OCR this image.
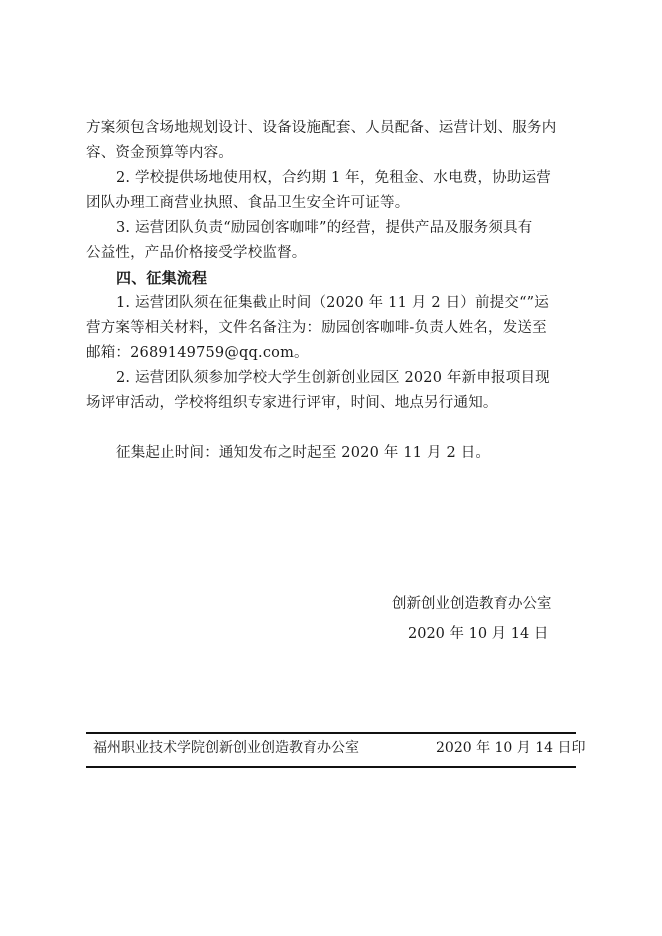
方案须包含场地规划设计、设备设施配套、人员配备、运营计划、服务内
容、资金预算等内容。
2. 学校提供场地使用权，合约期 1 年，免租金、水电费，协助运营
团队办理工商营业执照、食品卫生安全许可证等。
3. 运营团队负责“励园创客咖啡”的经营，提供产品及服务须具有
公益性，产品价格接受学校监督。
四、征集流程
1. 运营团队须在征集截止时间（2020 年 11 月 2 日）前提交“”运
营方案等相关材料，文件名备注为：励园创客咖啡-负责人姓名，发送至
邮箱：2689149759@qq.com。
2. 运营团队须参加学校大学生创新创业园区 2020 年新申报项目现
场评审活动，学校将组织专家进行评审，时间、地点另行通知。
征集起止时间：通知发布之时起至 2020 年 11 月 2 日。
创新创业创造教育办公室
2020 年 10 月 14 日
福州职业技术学院创新创业创造教育办公室	2020 年 10 月 14 日印
